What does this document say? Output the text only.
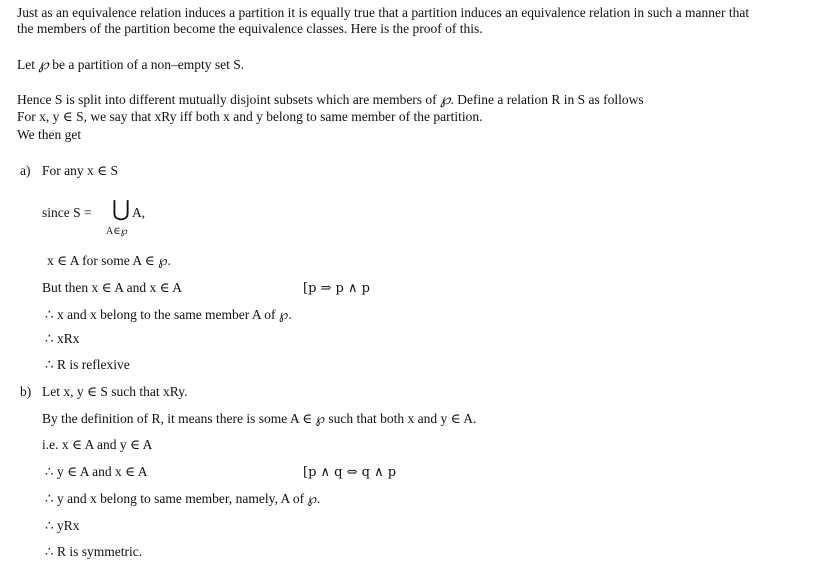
Just as an equivalence relation induces a partition it is equally true that a partition induces an equivalence relation in such a manner that
the members of the partition become the equivalence classes. Here is the proof of this.
Let ℘ be a partition of a non–empty set S.
Hence S is split into different mutually disjoint subsets which are members of ℘. Define a relation R in S as follows
For x, y ∈ S, we say that xRy iff both x and y belong to same member of the partition.
We then get
a) For any x ∈ S
since S = ⋃ A,
A∈℘
x ∈ A for some A ∈ ℘.
But then x ∈ A and x ∈ A	[p ⇒ p ∧ p
∴ x and x belong to the same member A of ℘.
∴ xRx
∴ R is reflexive
b) Let x, y ∈ S such that xRy.
By the definition of R, it means there is some A ∈ ℘ such that both x and y ∈ A.
i.e. x ∈ A and y ∈ A
∴ y ∈ A and x ∈ A	[p ∧ q ⇔ q ∧ p
∴ y and x belong to same member, namely, A of ℘.
∴ yRx
∴ R is symmetric.
